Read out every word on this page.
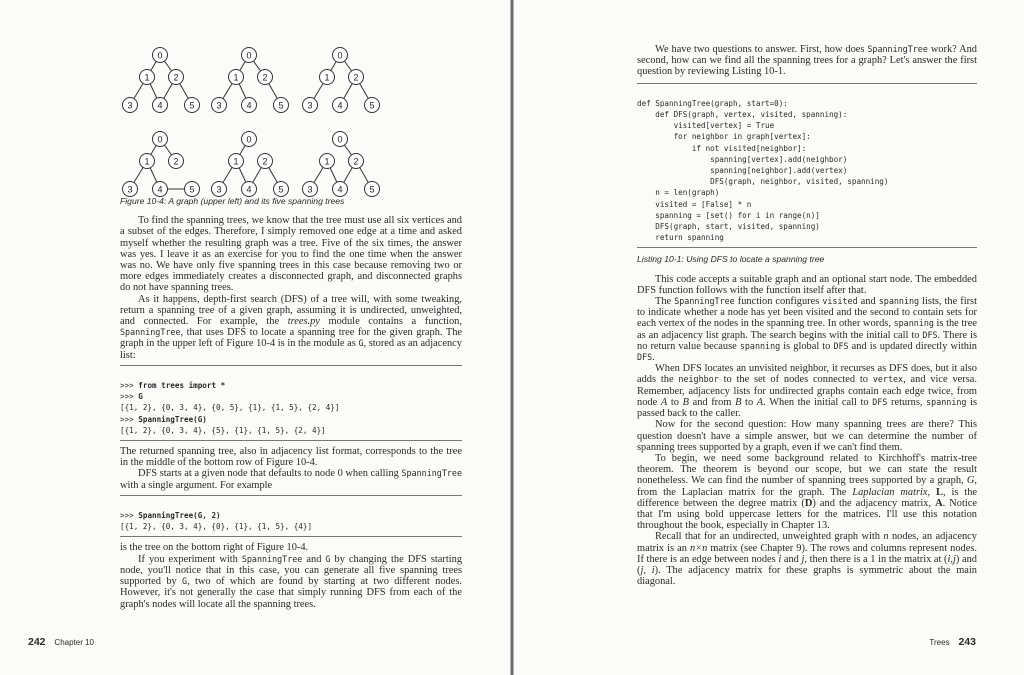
0
1	2
3	4	5
0
1	2
3	4	5
0
1	2
3	4	5
0
1	2
3	4	5
0
1	2
3	4	5
0
1	2
3	4	5

Figure 10-4: A graph (upper left) and its five spanning trees

To find the spanning trees, we know that the tree must use all six vertices and a subset of the edges. Therefore, I simply removed one edge at a time and asked myself whether the resulting graph was a tree. Five of the six times, the answer was yes. I leave it as an exercise for you to find the one time when the answer was no. We have only five spanning trees in this case because removing two or more edges immediately creates a disconnected graph, and disconnected graphs do not have spanning trees.

As it happens, depth-first search (DFS) of a tree will, with some tweaking, return a spanning tree of a given graph, assuming it is undirected, unweighted, and connected. For example, the trees.py module contains a function, SpanningTree, that uses DFS to locate a spanning tree for the given graph. The graph in the upper left of Figure 10-4 is in the module as G, stored as an adjacency list:

>>> from trees import *
>>> G
[{1, 2}, {0, 3, 4}, {0, 5}, {1}, {1, 5}, {2, 4}]
>>> SpanningTree(G)
[{1, 2}, {0, 3, 4}, {5}, {1}, {1, 5}, {2, 4}]

The returned spanning tree, also in adjacency list format, corresponds to the tree in the middle of the bottom row of Figure 10-4.

DFS starts at a given node that defaults to node 0 when calling SpanningTree with a single argument. For example

>>> SpanningTree(G, 2)
[{1, 2}, {0, 3, 4}, {0}, {1}, {1, 5}, {4}]

is the tree on the bottom right of Figure 10-4.

If you experiment with SpanningTree and G by changing the DFS starting node, you'll notice that in this case, you can generate all five spanning trees supported by G, two of which are found by starting at two different nodes. However, it's not generally the case that simply running DFS from each of the graph's nodes will locate all the spanning trees.

242 Chapter 10

We have two questions to answer. First, how does SpanningTree work? And second, how can we find all the spanning trees for a graph? Let's answer the first question by reviewing Listing 10-1.

def SpanningTree(graph, start=0):
def DFS(graph, vertex, visited, spanning):
visited[vertex] = True
for neighbor in graph[vertex]:
if not visited[neighbor]:
spanning[vertex].add(neighbor)
spanning[neighbor].add(vertex)
DFS(graph, neighbor, visited, spanning)
n = len(graph)
visited = [False] * n
spanning = [set() for i in range(n)]
DFS(graph, start, visited, spanning)
return spanning

Listing 10-1: Using DFS to locate a spanning tree

This code accepts a suitable graph and an optional start node. The embedded DFS function follows with the function itself after that.

The SpanningTree function configures visited and spanning lists, the first to indicate whether a node has yet been visited and the second to contain sets for each vertex of the nodes in the spanning tree. In other words, spanning is the tree as an adjacency list graph. The search begins with the initial call to DFS. There is no return value because spanning is global to DFS and is updated directly within DFS.

When DFS locates an unvisited neighbor, it recurses as DFS does, but it also adds the neighbor to the set of nodes connected to vertex, and vice versa. Remember, adjacency lists for undirected graphs contain each edge twice, from node A to B and from B to A. When the initial call to DFS returns, spanning is passed back to the caller.

Now for the second question: How many spanning trees are there? This question doesn't have a simple answer, but we can determine the number of spanning trees supported by a graph, even if we can't find them.

To begin, we need some background related to Kirchhoff's matrix-tree theorem. The theorem is beyond our scope, but we can state the result nonetheless. We can find the number of spanning trees supported by a graph, G, from the Laplacian matrix for the graph. The Laplacian matrix, L, is the difference between the degree matrix (D) and the adjacency matrix, A. Notice that I'm using bold uppercase letters for the matrices. I'll use this notation throughout the book, especially in Chapter 13.

Recall that for an undirected, unweighted graph with n nodes, an adjacency matrix is an n×n matrix (see Chapter 9). The rows and columns represent nodes. If there is an edge between nodes i and j, then there is a 1 in the matrix at (i,j) and (j, i). The adjacency matrix for these graphs is symmetric about the main diagonal.

Trees 243
